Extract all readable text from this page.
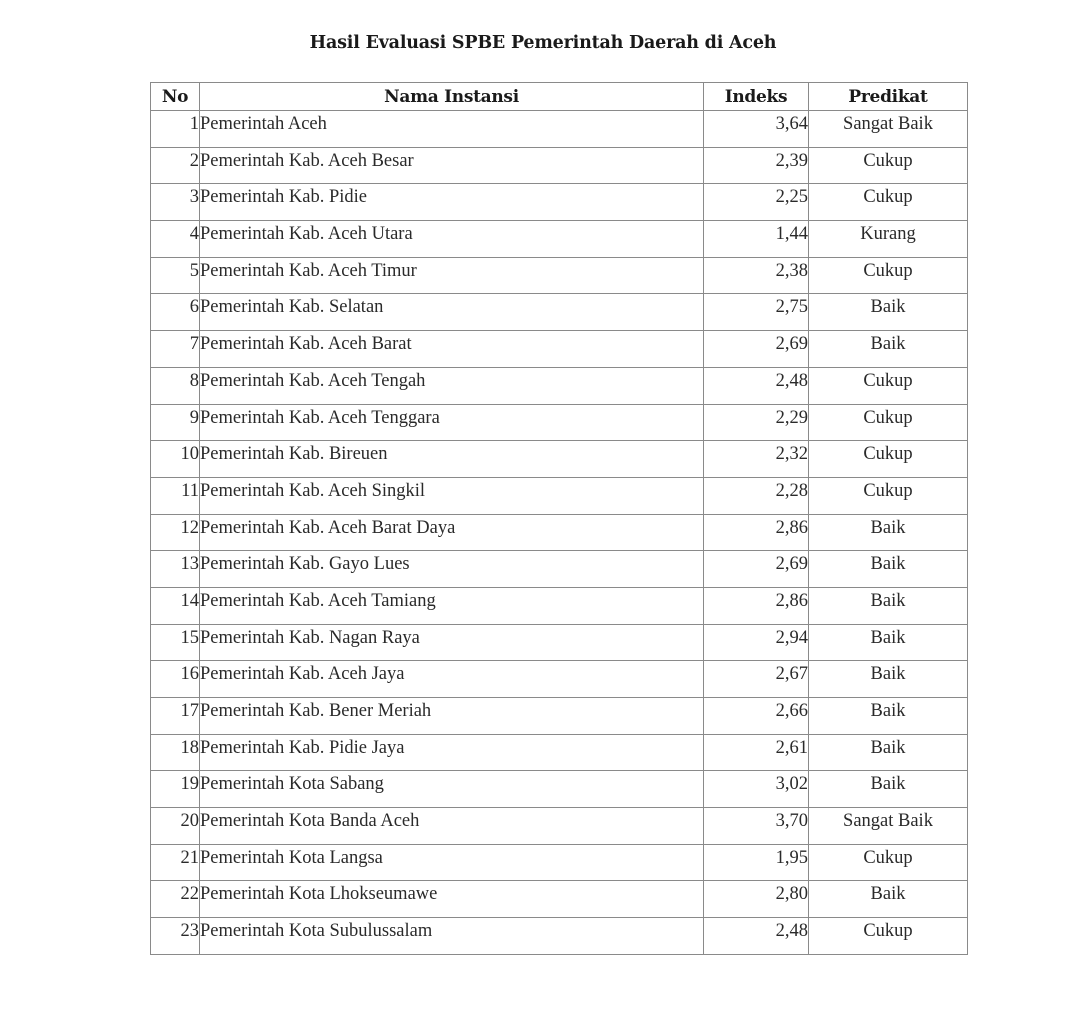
Hasil Evaluasi SPBE Pemerintah Daerah di Aceh
No	Nama Instansi	Indeks	Predikat
1	Pemerintah Aceh	3,64	Sangat Baik
2	Pemerintah Kab. Aceh Besar	2,39	Cukup
3	Pemerintah Kab. Pidie	2,25	Cukup
4	Pemerintah Kab. Aceh Utara	1,44	Kurang
5	Pemerintah Kab. Aceh Timur	2,38	Cukup
6	Pemerintah Kab. Selatan	2,75	Baik
7	Pemerintah Kab. Aceh Barat	2,69	Baik
8	Pemerintah Kab. Aceh Tengah	2,48	Cukup
9	Pemerintah Kab. Aceh Tenggara	2,29	Cukup
10	Pemerintah Kab. Bireuen	2,32	Cukup
11	Pemerintah Kab. Aceh Singkil	2,28	Cukup
12	Pemerintah Kab. Aceh Barat Daya	2,86	Baik
13	Pemerintah Kab. Gayo Lues	2,69	Baik
14	Pemerintah Kab. Aceh Tamiang	2,86	Baik
15	Pemerintah Kab. Nagan Raya	2,94	Baik
16	Pemerintah Kab. Aceh Jaya	2,67	Baik
17	Pemerintah Kab. Bener Meriah	2,66	Baik
18	Pemerintah Kab. Pidie Jaya	2,61	Baik
19	Pemerintah Kota Sabang	3,02	Baik
20	Pemerintah Kota Banda Aceh	3,70	Sangat Baik
21	Pemerintah Kota Langsa	1,95	Cukup
22	Pemerintah Kota Lhokseumawe	2,80	Baik
23	Pemerintah Kota Subulussalam	2,48	Cukup
